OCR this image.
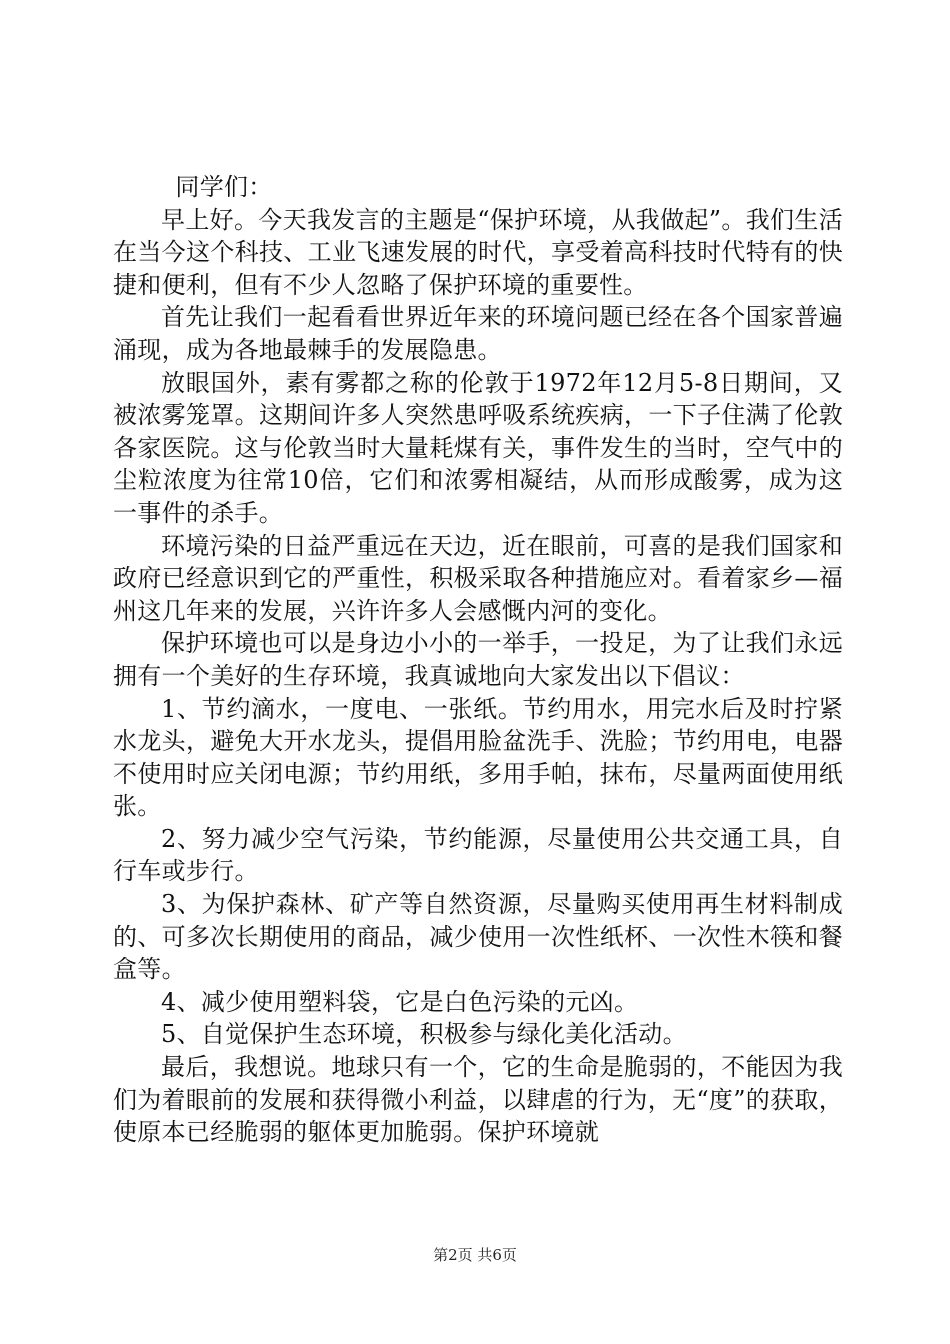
同学们：

早上好。今天我发言的主题是“保护环境，从我做起”。我们生活在当今这个科技、工业飞速发展的时代，享受着高科技时代特有的快捷和便利，但有不少人忽略了保护环境的重要性。

首先让我们一起看看世界近年来的环境问题已经在各个国家普遍涌现，成为各地最棘手的发展隐患。

放眼国外，素有雾都之称的伦敦于1972年12月5-8日期间，又被浓雾笼罩。这期间许多人突然患呼吸系统疾病，一下子住满了伦敦各家医院。这与伦敦当时大量耗煤有关，事件发生的当时，空气中的尘粒浓度为往常10倍，它们和浓雾相凝结，从而形成酸雾，成为这一事件的杀手。

环境污染的日益严重远在天边，近在眼前，可喜的是我们国家和政府已经意识到它的严重性，积极采取各种措施应对。看着家乡—福州这几年来的发展，兴许许多人会感慨内河的变化。

保护环境也可以是身边小小的一举手，一投足，为了让我们永远拥有一个美好的生存环境，我真诚地向大家发出以下倡议：

1、节约滴水，一度电、一张纸。节约用水，用完水后及时拧紧水龙头，避免大开水龙头，提倡用脸盆洗手、洗脸；节约用电，电器不使用时应关闭电源；节约用纸，多用手帕，抹布，尽量两面使用纸张。

2、努力减少空气污染，节约能源，尽量使用公共交通工具，自行车或步行。

3、为保护森林、矿产等自然资源，尽量购买使用再生材料制成的、可多次长期使用的商品，减少使用一次性纸杯、一次性木筷和餐盒等。

4、减少使用塑料袋，它是白色污染的元凶。

5、自觉保护生态环境，积极参与绿化美化活动。

最后，我想说。地球只有一个，它的生命是脆弱的，不能因为我们为着眼前的发展和获得微小利益，以肆虐的行为，无“度”的获取，使原本已经脆弱的躯体更加脆弱。保护环境就

第2页 共6页
